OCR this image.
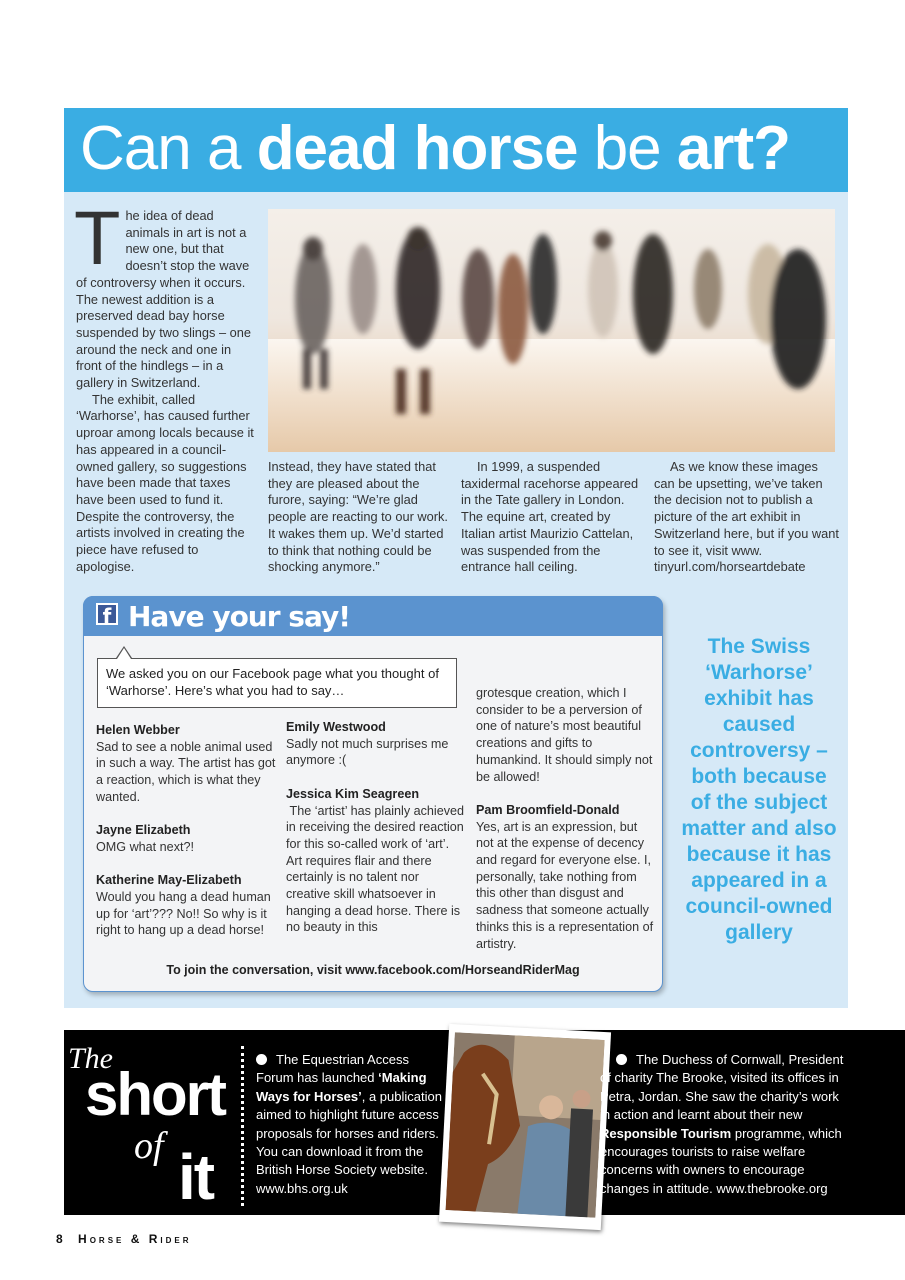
Can a dead horse be art?
T he idea of dead animals in art is not a new one, but that doesn’t stop the wave of controversy when it occurs. The newest addition is a preserved dead bay horse suspended by two slings – one around the neck and one in front of the hindlegs – in a gallery in Switzerland.
The exhibit, called ‘Warhorse’, has caused further uproar among locals because it has appeared in a council-owned gallery, so suggestions have been made that taxes have been used to fund it. Despite the controversy, the artists involved in creating the piece have refused to apologise.
Instead, they have stated that they are pleased about the furore, saying: “We’re glad people are reacting to our work. It wakes them up. We’d started to think that nothing could be shocking anymore.”
In 1999, a suspended taxidermal racehorse appeared in the Tate gallery in London. The equine art, created by Italian artist Maurizio Cattelan, was suspended from the entrance hall ceiling.
As we know these images can be upsetting, we’ve taken the decision not to publish a picture of the art exhibit in Switzerland here, but if you want to see it, visit www. tinyurl.com/horseartdebate
f Have your say!
We asked you on our Facebook page what you thought of ‘Warhorse’. Here’s what you had to say…
Helen Webber
Sad to see a noble animal used in such a way. The artist has got a reaction, which is what they wanted.

Jayne Elizabeth
OMG what next?!

Katherine May-Elizabeth
Would you hang a dead human up for ‘art’??? No!! So why is it right to hang up a dead horse!
Emily Westwood
Sadly not much surprises me anymore :(

Jessica Kim Seagreen
The ‘artist’ has plainly achieved in receiving the desired reaction for this so-called work of ‘art’. Art requires flair and there certainly is no talent nor creative skill whatsoever in hanging a dead horse. There is no beauty in this
grotesque creation, which I consider to be a perversion of one of nature’s most beautiful creations and gifts to humankind. It should simply not be allowed!

Pam Broomfield-Donald
Yes, art is an expression, but not at the expense of decency and regard for everyone else. I, personally, take nothing from this other than disgust and sadness that someone actually thinks this is a representation of artistry.
To join the conversation, visit www.facebook.com/HorseandRiderMag
The Swiss ‘Warhorse’ exhibit has caused controversy – both because of the subject matter and also because it has appeared in a council-owned gallery
The
short
of it
The Equestrian Access Forum has launched ‘Making Ways for Horses’, a publication aimed to highlight future access proposals for horses and riders. You can download it from the British Horse Society website. www.bhs.org.uk
The Duchess of Cornwall, President of charity The Brooke, visited its offices in Petra, Jordan. She saw the charity’s work in action and learnt about their new Responsible Tourism programme, which encourages tourists to raise welfare concerns with owners to encourage changes in attitude. www.thebrooke.org
8 Horse & Rider
